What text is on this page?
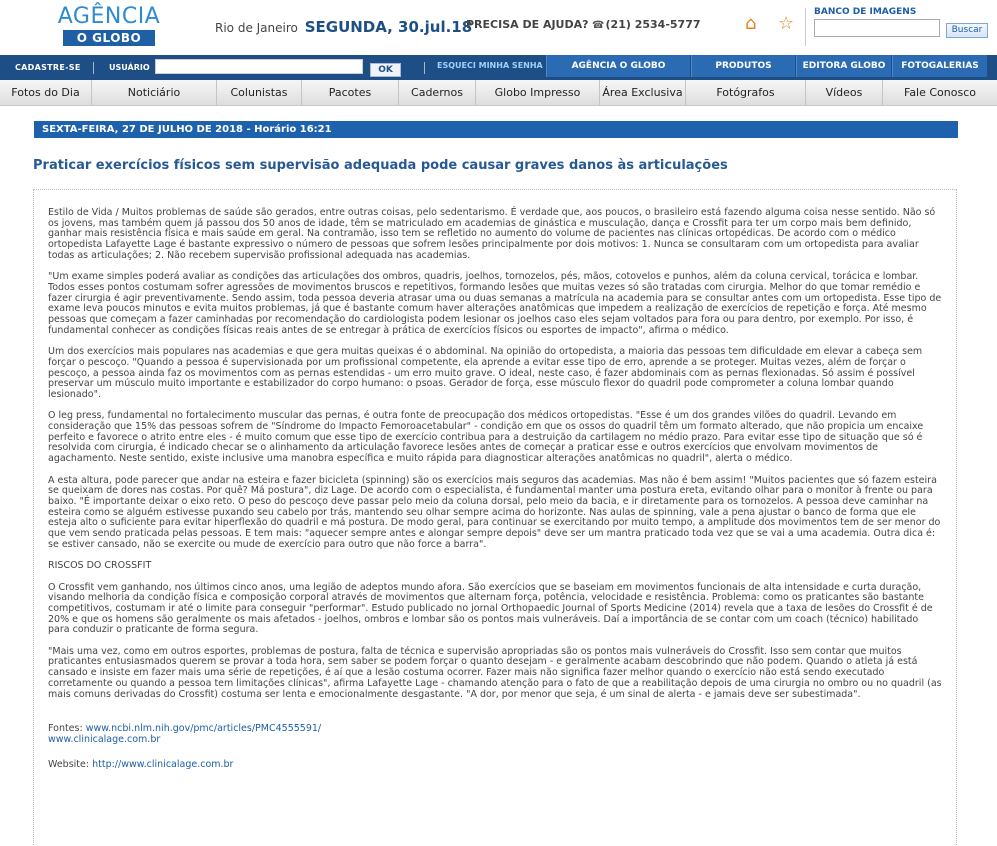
AGÊNCIA
O GLOBO
Rio de Janeiro SEGUNDA, 30.jul.18
PRECISA DE AJUDA? ☎ (21) 2534-5777 ⌂	☆
BANCO DE IMAGENS
Buscar
CADASTRE-SE	USUÁRIO	OK	ESQUECI MINHA SENHA	AGÊNCIA O GLOBO	PRODUTOS	EDITORA GLOBO	FOTOGALERIAS
Fotos do Dia	Noticiário	Colunistas	Pacotes	Cadernos	Globo Impresso	Área Exclusiva	Fotógrafos	Vídeos	Fale Conosco
SEXTA-FEIRA, 27 DE JULHO DE 2018 - Horário 16:21
Praticar exercícios físicos sem supervisão adequada pode causar graves danos às articulações

Estilo de Vida / Muitos problemas de saúde são gerados, entre outras coisas, pelo sedentarismo. É verdade que, aos poucos, o brasileiro está fazendo alguma coisa nesse sentido. Não só os jovens, mas também quem já passou dos 50 anos de idade, têm se matriculado em academias de ginástica e musculação, dança e Crossfit para ter um corpo mais bem definido, ganhar mais resistência física e mais saúde em geral. Na contramão, isso tem se refletido no aumento do volume de pacientes nas clínicas ortopédicas. De acordo com o médico ortopedista Lafayette Lage é bastante expressivo o número de pessoas que sofrem lesões principalmente por dois motivos: 1. Nunca se consultaram com um ortopedista para avaliar todas as articulações; 2. Não recebem supervisão profissional adequada nas academias.

"Um exame simples poderá avaliar as condições das articulações dos ombros, quadris, joelhos, tornozelos, pés, mãos, cotovelos e punhos, além da coluna cervical, torácica e lombar. Todos esses pontos costumam sofrer agressões de movimentos bruscos e repetitivos, formando lesões que muitas vezes só são tratadas com cirurgia. Melhor do que tomar remédio e fazer cirurgia é agir preventivamente. Sendo assim, toda pessoa deveria atrasar uma ou duas semanas a matrícula na academia para se consultar antes com um ortopedista. Esse tipo de exame leva poucos minutos e evita muitos problemas, já que é bastante comum haver alterações anatômicas que impedem a realização de exercícios de repetição e força. Até mesmo pessoas que começam a fazer caminhadas por recomendação do cardiologista podem lesionar os joelhos caso eles sejam voltados para fora ou para dentro, por exemplo. Por isso, é fundamental conhecer as condições físicas reais antes de se entregar à prática de exercícios físicos ou esportes de impacto", afirma o médico.

Um dos exercícios mais populares nas academias e que gera muitas queixas é o abdominal. Na opinião do ortopedista, a maioria das pessoas tem dificuldade em elevar a cabeça sem forçar o pescoço. "Quando a pessoa é supervisionada por um profissional competente, ela aprende a evitar esse tipo de erro, aprende a se proteger. Muitas vezes, além de forçar o pescoço, a pessoa ainda faz os movimentos com as pernas estendidas - um erro muito grave. O ideal, neste caso, é fazer abdominais com as pernas flexionadas. Só assim é possível preservar um músculo muito importante e estabilizador do corpo humano: o psoas. Gerador de força, esse músculo flexor do quadril pode comprometer a coluna lombar quando lesionado".

O leg press, fundamental no fortalecimento muscular das pernas, é outra fonte de preocupação dos médicos ortopedistas. "Esse é um dos grandes vilões do quadril. Levando em consideração que 15% das pessoas sofrem de "Síndrome do Impacto Femoroacetabular" - condição em que os ossos do quadril têm um formato alterado, que não propicia um encaixe perfeito e favorece o atrito entre eles - é muito comum que esse tipo de exercício contribua para a destruição da cartilagem no médio prazo. Para evitar esse tipo de situação que só é resolvida com cirurgia, é indicado checar se o alinhamento da articulação favorece lesões antes de começar a praticar esse e outros exercícios que envolvam movimentos de agachamento. Neste sentido, existe inclusive uma manobra específica e muito rápida para diagnosticar alterações anatômicas no quadril", alerta o médico.

A esta altura, pode parecer que andar na esteira e fazer bicicleta (spinning) são os exercícios mais seguros das academias. Mas não é bem assim! "Muitos pacientes que só fazem esteira se queixam de dores nas costas. Por quê? Má postura", diz Lage. De acordo com o especialista, é fundamental manter uma postura ereta, evitando olhar para o monitor à frente ou para baixo. "É importante deixar o eixo reto. O peso do pescoço deve passar pelo meio da coluna dorsal, pelo meio da bacia, e ir diretamente para os tornozelos. A pessoa deve caminhar na esteira como se alguém estivesse puxando seu cabelo por trás, mantendo seu olhar sempre acima do horizonte. Nas aulas de spinning, vale a pena ajustar o banco de forma que ele esteja alto o suficiente para evitar hiperflexão do quadril e má postura. De modo geral, para continuar se exercitando por muito tempo, a amplitude dos movimentos tem de ser menor do que vem sendo praticada pelas pessoas. E tem mais: "aquecer sempre antes e alongar sempre depois" deve ser um mantra praticado toda vez que se vai a uma academia. Outra dica é: se estiver cansado, não se exercite ou mude de exercício para outro que não force a barra".

RISCOS DO CROSSFIT

O Crossfit vem ganhando, nos últimos cinco anos, uma legião de adeptos mundo afora. São exercícios que se baseiam em movimentos funcionais de alta intensidade e curta duração, visando melhoria da condição física e composição corporal através de movimentos que alternam força, potência, velocidade e resistência. Problema: como os praticantes são bastante competitivos, costumam ir até o limite para conseguir "performar". Estudo publicado no jornal Orthopaedic Journal of Sports Medicine (2014) revela que a taxa de lesões do Crossfit é de 20% e que os homens são geralmente os mais afetados - joelhos, ombros e lombar são os pontos mais vulneráveis. Daí a importância de se contar com um coach (técnico) habilitado para conduzir o praticante de forma segura.

"Mais uma vez, como em outros esportes, problemas de postura, falta de técnica e supervisão apropriadas são os pontos mais vulneráveis do Crossfit. Isso sem contar que muitos praticantes entusiasmados querem se provar a toda hora, sem saber se podem forçar o quanto desejam - e geralmente acabam descobrindo que não podem. Quando o atleta já está cansado e insiste em fazer mais uma série de repetições, é aí que a lesão costuma ocorrer. Fazer mais não significa fazer melhor quando o exercício não está sendo executado corretamente ou quando a pessoa tem limitações clínicas", afirma Lafayette Lage - chamando atenção para o fato de que a reabilitação depois de uma cirurgia no ombro ou no quadril (as mais comuns derivadas do Crossfit) costuma ser lenta e emocionalmente desgastante. "A dor, por menor que seja, é um sinal de alerta - e jamais deve ser subestimada".

Fontes: www.ncbi.nlm.nih.gov/pmc/articles/PMC4555591/
www.clinicalage.com.br
Website: http://www.clinicalage.com.br
